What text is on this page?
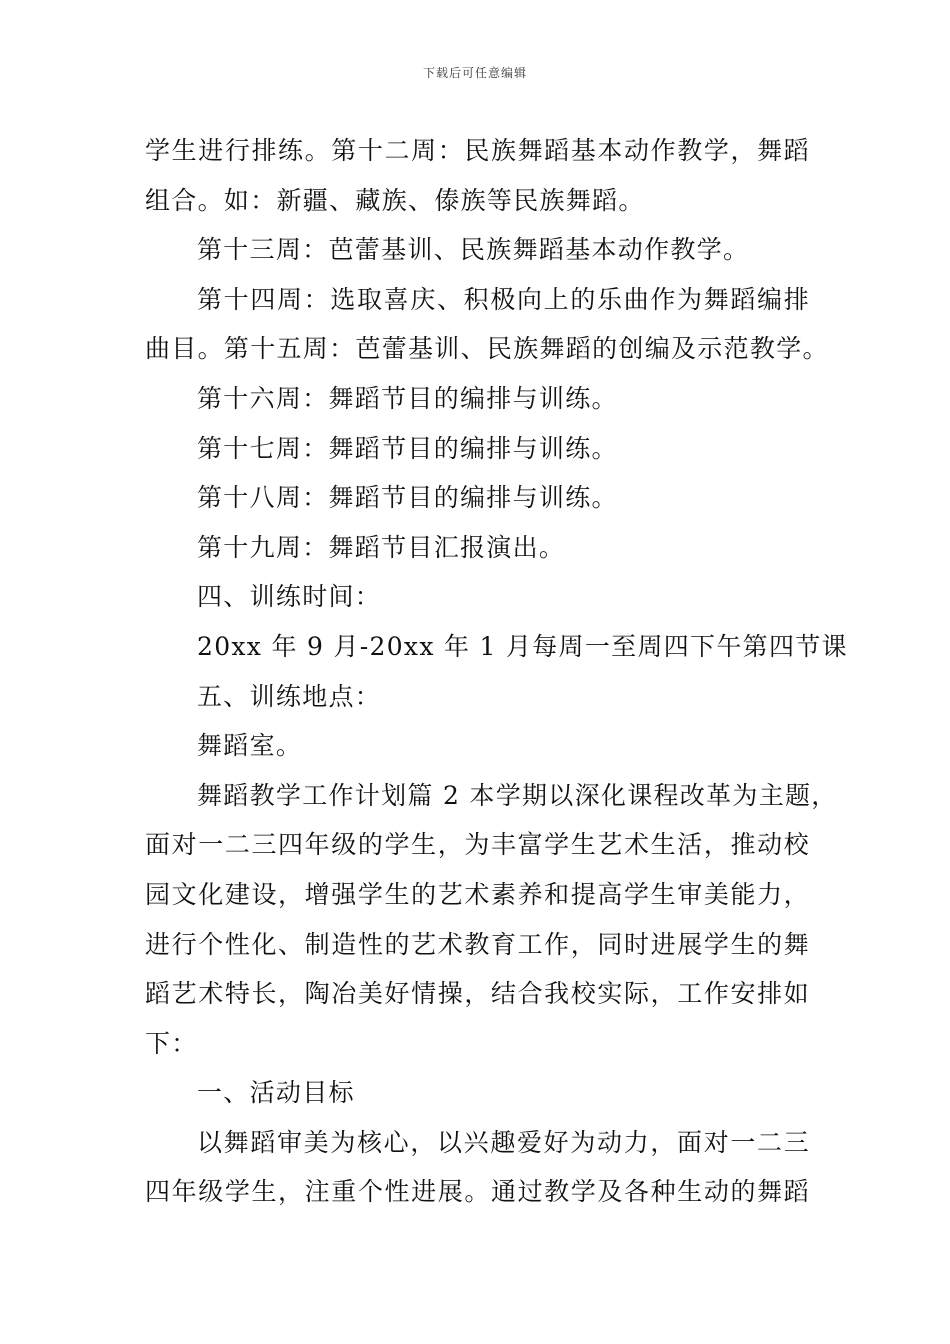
下载后可任意编辑
学生进行排练。第十二周：民族舞蹈基本动作教学，舞蹈
组合。如：新疆、藏族、傣族等民族舞蹈。
第十三周：芭蕾基训、民族舞蹈基本动作教学。
第十四周：选取喜庆、积极向上的乐曲作为舞蹈编排
曲目。第十五周：芭蕾基训、民族舞蹈的创编及示范教学。
第十六周：舞蹈节目的编排与训练。
第十七周：舞蹈节目的编排与训练。
第十八周：舞蹈节目的编排与训练。
第十九周：舞蹈节目汇报演出。
四、训练时间：
20xx 年 9 月-20xx 年 1 月每周一至周四下午第四节课
五、训练地点：
舞蹈室。
舞蹈教学工作计划篇 2 本学期以深化课程改革为主题，
面对一二三四年级的学生，为丰富学生艺术生活，推动校
园文化建设，增强学生的艺术素养和提高学生审美能力，
进行个性化、制造性的艺术教育工作，同时进展学生的舞
蹈艺术特长，陶冶美好情操，结合我校实际，工作安排如
下：
一、活动目标
以舞蹈审美为核心，以兴趣爱好为动力，面对一二三
四年级学生，注重个性进展。通过教学及各种生动的舞蹈
